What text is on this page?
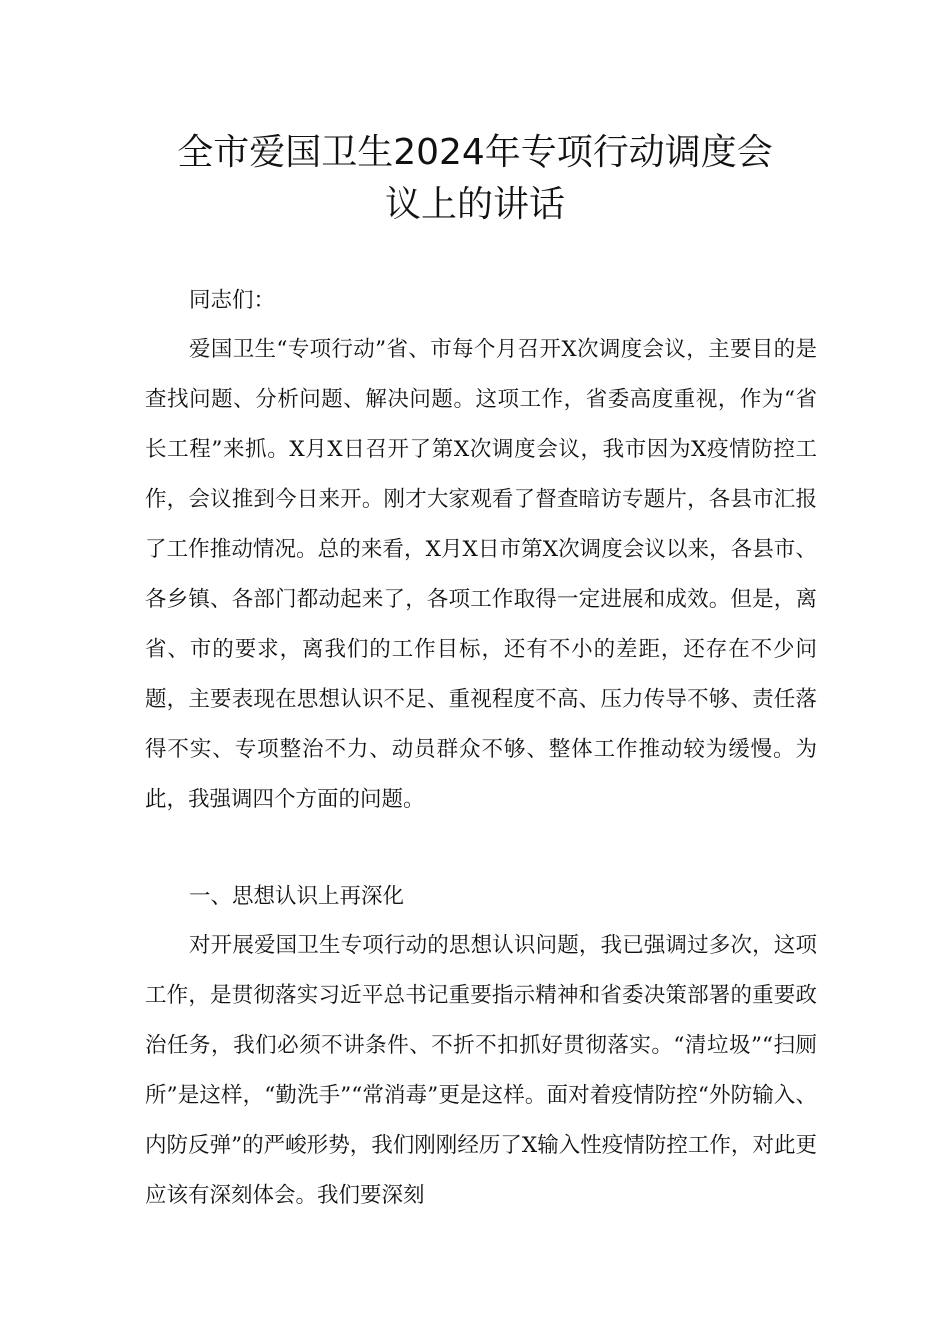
全市爱国卫生2024年专项行动调度会
议上的讲话

同志们：

爱国卫生“专项行动”省、市每个月召开X次调度会议，主要目的是查找问题、分析问题、解决问题。这项工作，省委高度重视，作为“省长工程”来抓。X月X日召开了第X次调度会议，我市因为X疫情防控工作，会议推到今日来开。刚才大家观看了督查暗访专题片，各县市汇报了工作推动情况。总的来看，X月X日市第X次调度会议以来，各县市、各乡镇、各部门都动起来了，各项工作取得一定进展和成效。但是，离省、市的要求，离我们的工作目标，还有不小的差距，还存在不少问题，主要表现在思想认识不足、重视程度不高、压力传导不够、责任落得不实、专项整治不力、动员群众不够、整体工作推动较为缓慢。为此，我强调四个方面的问题。

一、思想认识上再深化

对开展爱国卫生专项行动的思想认识问题，我已强调过多次，这项工作，是贯彻落实习近平总书记重要指示精神和省委决策部署的重要政治任务，我们必须不讲条件、不折不扣抓好贯彻落实。“清垃圾”“扫厕所”是这样，“勤洗手”“常消毒”更是这样。面对着疫情防控“外防输入、内防反弹”的严峻形势，我们刚刚经历了X输入性疫情防控工作，对此更应该有深刻体会。我们要深刻
